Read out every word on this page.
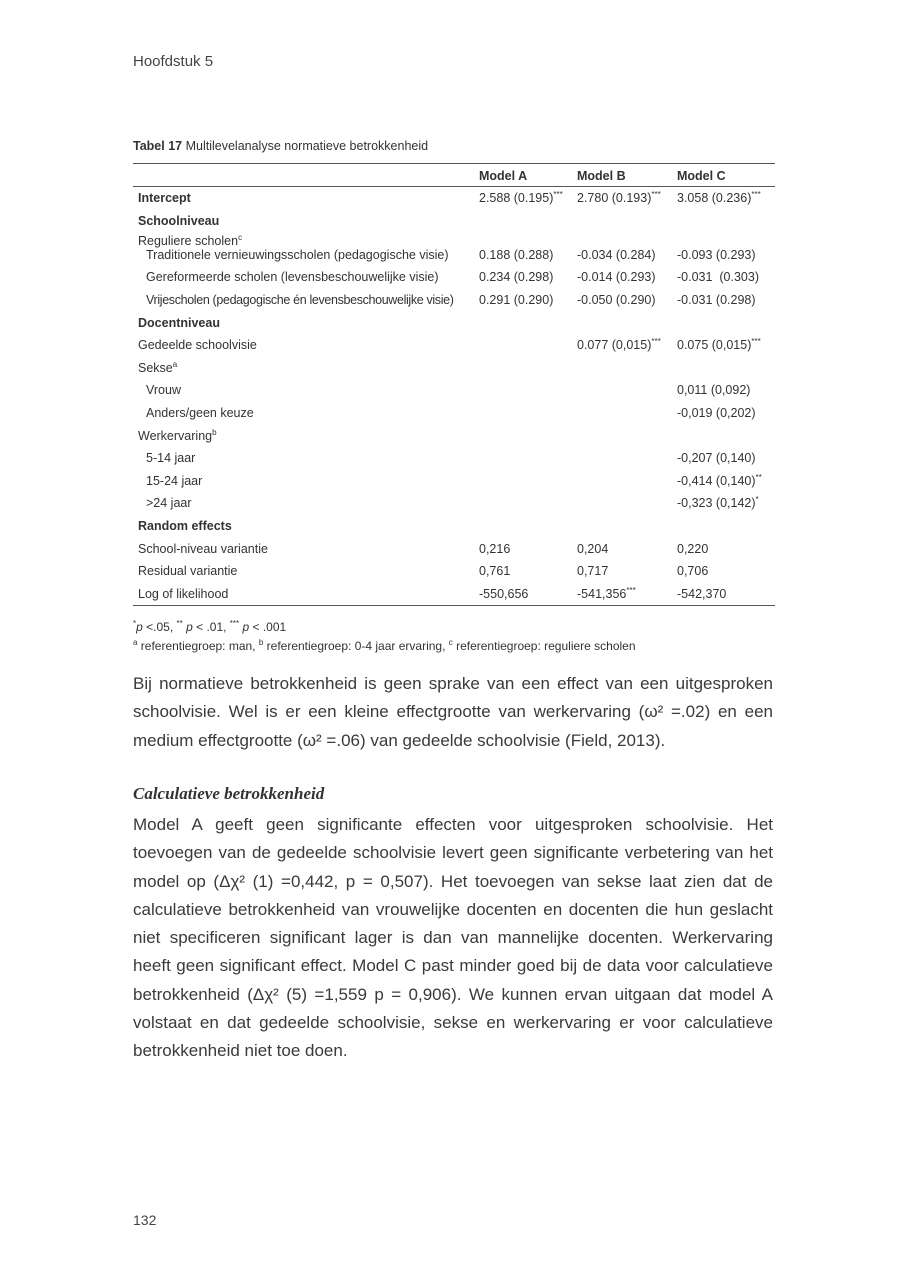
Hoofdstuk 5
Tabel 17 Multilevelanalyse normatieve betrokkenheid
	Model A	Model B	Model C
Intercept	2.588 (0.195)***	2.780 (0.193)***	3.058 (0.236)***
Schoolniveau			
Reguliere scholen$^c$			
Traditionele vernieuwingsscholen (pedagogische visie)	0.188 (0.288)	-0.034 (0.284)	-0.093 (0.293)
Gereformeerde scholen (levensbeschouwelijke visie)	0.234 (0.298)	-0.014 (0.293)	-0.031  (0.303)
Vrijescholen (pedagogische én levensbeschouwelijke visie)	0.291 (0.290)	-0.050 (0.290)	-0.031 (0.298)
Docentniveau			
Gedeelde schoolvisie		0.077 (0,015)***	0.075 (0,015)***
Sekse$^a$			
Vrouw			0,011 (0,092)
Anders/geen keuze			-0,019 (0,202)
Werkervaring$^b$			
5-14 jaar			-0,207 (0,140)
15-24 jaar			-0,414 (0,140)**
>24 jaar			-0,323 (0,142)*
Random effects			
School-niveau variantie	0,216	0,204	0,220
Residual variantie	0,761	0,717	0,706
Log of likelihood	-550,656	-541,356***	-542,370
*p <.05, ** p < .01, *** p < .001
$^a$ referentiegroep: man, $^b$ referentiegroep: 0-4 jaar ervaring, $^c$ referentiegroep: reguliere scholen
Bij normatieve betrokkenheid is geen sprake van een effect van een uitgesproken schoolvisie. Wel is er een kleine effectgrootte van werkervaring (ω² =.02) en een medium effectgrootte (ω² =.06) van gedeelde schoolvisie (Field, 2013).
Calculatieve betrokkenheid
Model A geeft geen significante effecten voor uitgesproken schoolvisie. Het toevoegen van de gedeelde schoolvisie levert geen significante verbetering van het model op (Δχ² (1) =0,442, p = 0,507). Het toevoegen van sekse laat zien dat de calculatieve betrokkenheid van vrouwelijke docenten en docenten die hun geslacht niet specificeren significant lager is dan van mannelijke docenten. Werkervaring heeft geen significant effect. Model C past minder goed bij de data voor calculatieve betrokkenheid (Δχ² (5) =1,559 p = 0,906). We kunnen ervan uitgaan dat model A volstaat en dat gedeelde schoolvisie, sekse en werkervaring er voor calculatieve betrokkenheid niet toe doen.
132
